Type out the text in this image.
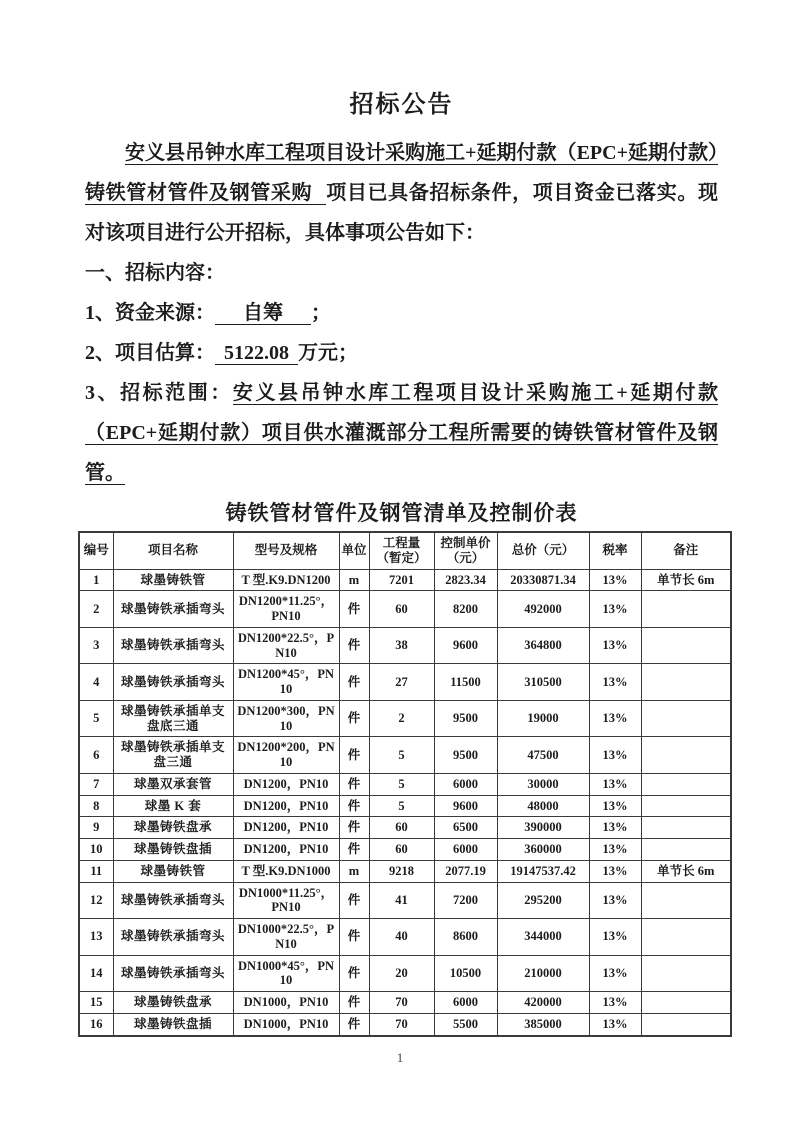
招标公告

安义县吊钟水库工程项目设计采购施工+延期付款（EPC+延期付款）铸铁管材管件及钢管采购 项目已具备招标条件，项目资金已落实。现对该项目进行公开招标，具体事项公告如下：

一、招标内容：

1、资金来源： 自筹 ；

2、项目估算： 5122.08 万元；

3、招标范围：安义县吊钟水库工程项目设计采购施工+延期付款（EPC+延期付款）项目供水灌溉部分工程所需要的铸铁管材管件及钢管。

铸铁管材管件及钢管清单及控制价表
编号	项目名称	型号及规格	单位	工程量（暂定）	控制单价（元）	总价（元）	税率	备注
1	球墨铸铁管	T 型.K9.DN1200	m	7201	2823.34	20330871.34	13%	单节长 6m
2	球墨铸铁承插弯头	DN1200*11.25°，PN10	件	60	8200	492000	13%	
3	球墨铸铁承插弯头	DN1200*22.5°，PN10	件	38	9600	364800	13%	
4	球墨铸铁承插弯头	DN1200*45°，PN10	件	27	11500	310500	13%	
5	球墨铸铁承插单支盘底三通	DN1200*300，PN10	件	2	9500	19000	13%	
6	球墨铸铁承插单支盘三通	DN1200*200，PN10	件	5	9500	47500	13%	
7	球墨双承套管	DN1200，PN10	件	5	6000	30000	13%	
8	球墨 K 套	DN1200，PN10	件	5	9600	48000	13%	
9	球墨铸铁盘承	DN1200，PN10	件	60	6500	390000	13%	
10	球墨铸铁盘插	DN1200，PN10	件	60	6000	360000	13%	
11	球墨铸铁管	T 型.K9.DN1000	m	9218	2077.19	19147537.42	13%	单节长 6m
12	球墨铸铁承插弯头	DN1000*11.25°，PN10	件	41	7200	295200	13%	
13	球墨铸铁承插弯头	DN1000*22.5°，PN10	件	40	8600	344000	13%	
14	球墨铸铁承插弯头	DN1000*45°，PN10	件	20	10500	210000	13%	
15	球墨铸铁盘承	DN1000，PN10	件	70	6000	420000	13%	
16	球墨铸铁盘插	DN1000，PN10	件	70	5500	385000	13%	
1
